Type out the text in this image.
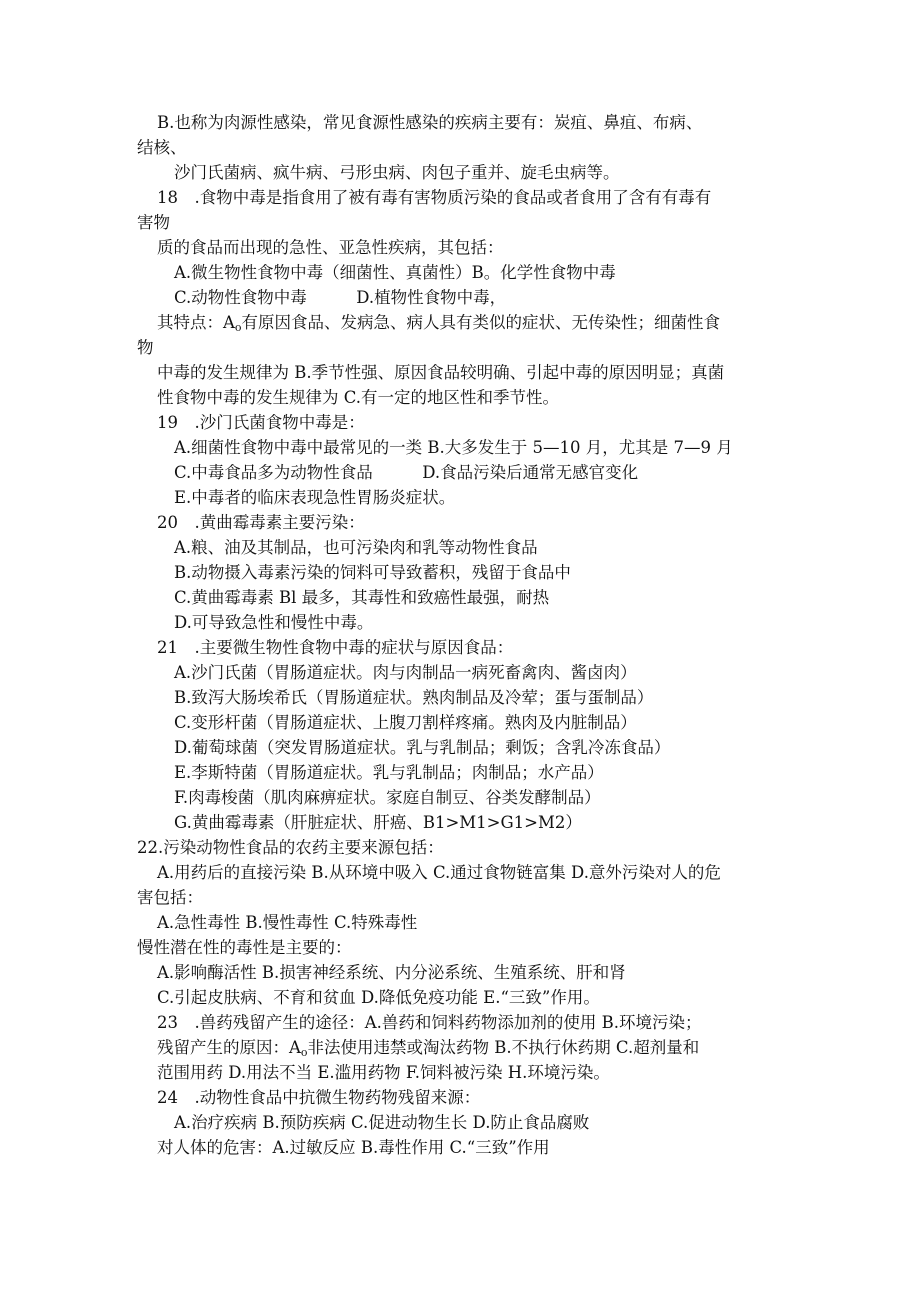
B.也称为肉源性感染，常见食源性感染的疾病主要有：炭疽、鼻疽、布病、
结核、
沙门氏菌病、疯牛病、弓形虫病、肉包子重并、旋毛虫病等。
18　.食物中毒是指食用了被有毒有害物质污染的食品或者食用了含有有毒有
害物
质的食品而出现的急性、亚急性疾病，其包括：
A.微生物性食物中毒（细菌性、真菌性）B。化学性食物中毒
C.动物性食物中毒　　　D.植物性食物中毒，
其特点：$A_o$有原因食品、发病急、病人具有类似的症状、无传染性；细菌性食
物
中毒的发生规律为 B.季节性强、原因食品较明确、引起中毒的原因明显；真菌
性食物中毒的发生规律为 C.有一定的地区性和季节性。
19　.沙门氏菌食物中毒是：
A.细菌性食物中毒中最常见的一类 B.大多发生于 5—10 月，尤其是 7—9 月
C.中毒食品多为动物性食品　　　D.食品污染后通常无感官变化
E.中毒者的临床表现急性胃肠炎症状。
20　.黄曲霉毒素主要污染：
A.粮、油及其制品，也可污染肉和乳等动物性食品
B.动物摄入毒素污染的饲料可导致蓄积，残留于食品中
C.黄曲霉毒素 Bl 最多，其毒性和致癌性最强，耐热
D.可导致急性和慢性中毒。
21　.主要微生物性食物中毒的症状与原因食品：
A.沙门氏菌（胃肠道症状。肉与肉制品一病死畜禽肉、酱卤肉）
B.致泻大肠埃希氏（胃肠道症状。熟肉制品及冷荤；蛋与蛋制品）
C.变形杆菌（胃肠道症状、上腹刀割样疼痛。熟肉及内脏制品）
D.葡萄球菌（突发胃肠道症状。乳与乳制品；剩饭；含乳冷冻食品）
E.李斯特菌（胃肠道症状。乳与乳制品；肉制品；水产品）
F.肉毒梭菌（肌肉麻痹症状。家庭自制豆、谷类发酵制品）
G.黄曲霉毒素（肝脏症状、肝癌、B1>M1>G1>M2）
22.污染动物性食品的农药主要来源包括：
A.用药后的直接污染 B.从环境中吸入 C.通过食物链富集 D.意外污染对人的危
害包括：
A.急性毒性 B.慢性毒性 C.特殊毒性
慢性潜在性的毒性是主要的：
A.影响酶活性 B.损害神经系统、内分泌系统、生殖系统、肝和肾
C.引起皮肤病、不育和贫血 D.降低免疫功能 E.“三致”作用。
23　.兽药残留产生的途径：A.兽药和饲料药物添加剂的使用 B.环境污染；
残留产生的原因：$A_o$非法使用违禁或淘汰药物 B.不执行休药期 C.超剂量和
范围用药 D.用法不当 E.滥用药物 F.饲料被污染 H.环境污染。
24　.动物性食品中抗微生物药物残留来源：
A.治疗疾病 B.预防疾病 C.促进动物生长 D.防止食品腐败
对人体的危害：A.过敏反应 B.毒性作用 C.“三致”作用
